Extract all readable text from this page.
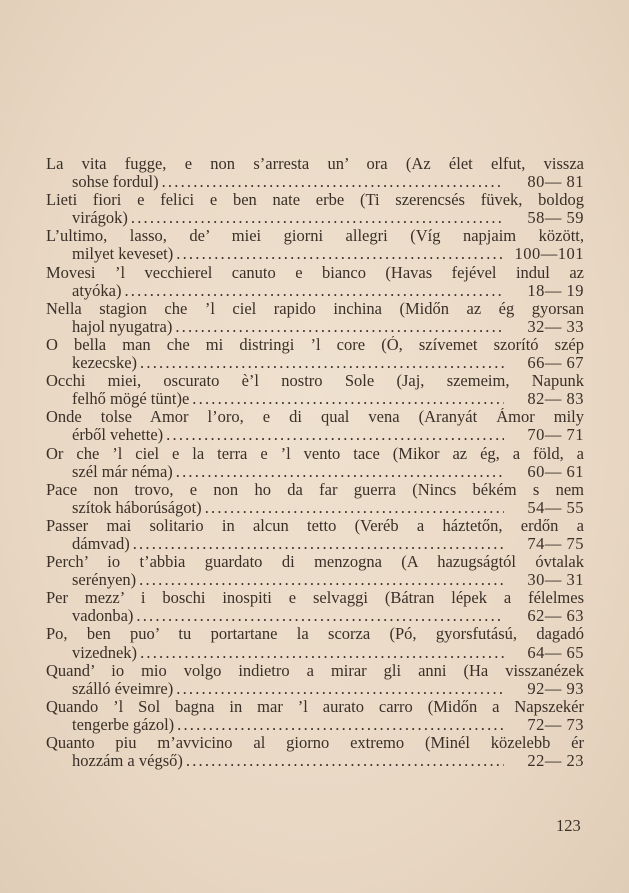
La vita fugge, e non s’arresta un’ ora (Az élet elfut, vissza
sohse fordul) .....	80— 81
Lieti fiori e felici e ben nate erbe (Ti szerencsés füvek, boldog
virágok) .....	58— 59
L’ultimo, lasso, de’ miei giorni allegri (Víg napjaim között,
milyet keveset) .....	100—101
Movesi ’l vecchierel canuto e bianco (Havas fejével indul az
atyóka) .....	18— 19
Nella stagion che ’l ciel rapido inchina (Midőn az ég gyorsan
hajol nyugatra) .....	32— 33
O bella man che mi distringi ’l core (Ó, szívemet szorító szép
kezecske) .....	66— 67
Occhi miei, oscurato è’l nostro Sole (Jaj, szemeim, Napunk
felhő mögé tünt)e .....	82— 83
Onde tolse Amor l’oro, e di qual vena (Aranyát Ámor mily
érből vehette) .....	70— 71
Or che ’l ciel e la terra e ’l vento tace (Mikor az ég, a föld, a
szél már néma) .....	60— 61
Pace non trovo, e non ho da far guerra (Nincs békém s nem
szítok háborúságot) .....	54— 55
Passer mai solitario in alcun tetto (Veréb a háztetőn, erdőn a
dámvad) .....	74— 75
Perch’ io t’abbia guardato di menzogna (A hazugságtól óvtalak
serényen) .....	30— 31
Per mezz’ i boschi inospiti e selvaggi (Bátran lépek a félelmes
vadonba) .....	62— 63
Po, ben puo’ tu portartane la scorza (Pó, gyorsfutású, dagadó
vizednek) .....	64— 65
Quand’ io mio volgo indietro a mirar gli anni (Ha visszanézek
szálló éveimre) .....	92— 93
Quando ’l Sol bagna in mar ’l aurato carro (Midőn a Napszekér
tengerbe gázol) .....	72— 73
Quanto piu m’avvicino al giorno extremo (Minél közelebb ér
hozzám a végső) .....	22— 23
123
